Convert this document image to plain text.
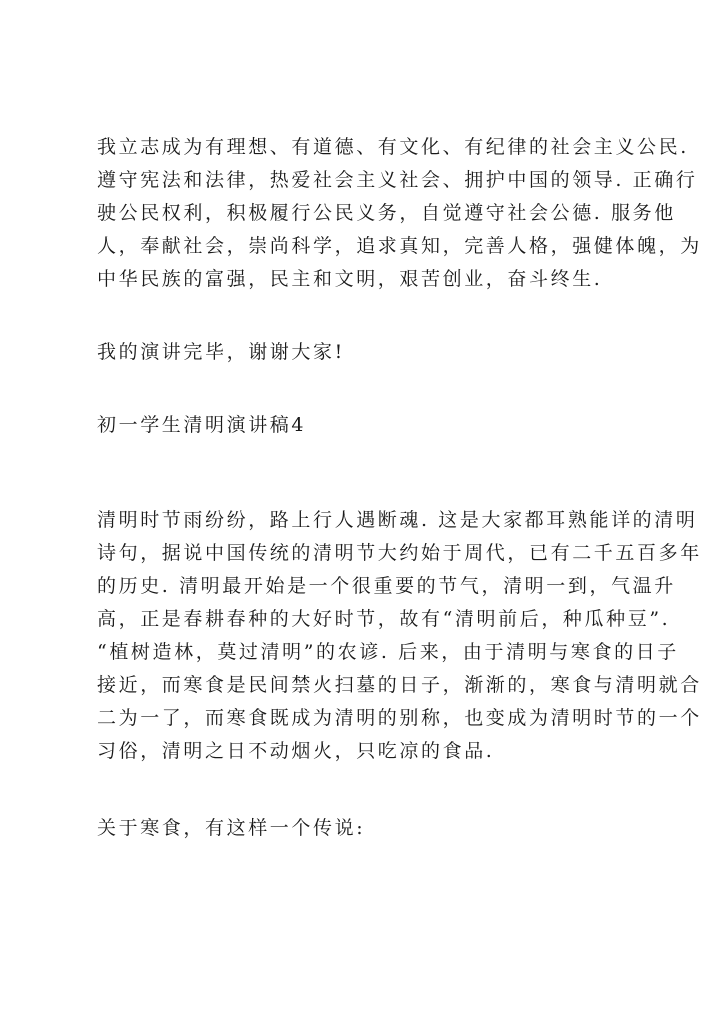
我立志成为有理想、有道德、有文化、有纪律的社会主义公民.
遵守宪法和法律，热爱社会主义社会、拥护中国的领导. 正确行
驶公民权利，积极履行公民义务，自觉遵守社会公德. 服务他
人，奉献社会，崇尚科学，追求真知，完善人格，强健体魄，为
中华民族的富强，民主和文明，艰苦创业，奋斗终生.
我的演讲完毕，谢谢大家!
初一学生清明演讲稿4
清明时节雨纷纷，路上行人遇断魂. 这是大家都耳熟能详的清明
诗句，据说中国传统的清明节大约始于周代，已有二千五百多年
的历史. 清明最开始是一个很重要的节气，清明一到，气温升
高，正是春耕春种的大好时节，故有“清明前后，种瓜种豆”.
“植树造林，莫过清明”的农谚. 后来，由于清明与寒食的日子
接近，而寒食是民间禁火扫墓的日子，渐渐的，寒食与清明就合
二为一了，而寒食既成为清明的别称，也变成为清明时节的一个
习俗，清明之日不动烟火，只吃凉的食品.
关于寒食，有这样一个传说:
